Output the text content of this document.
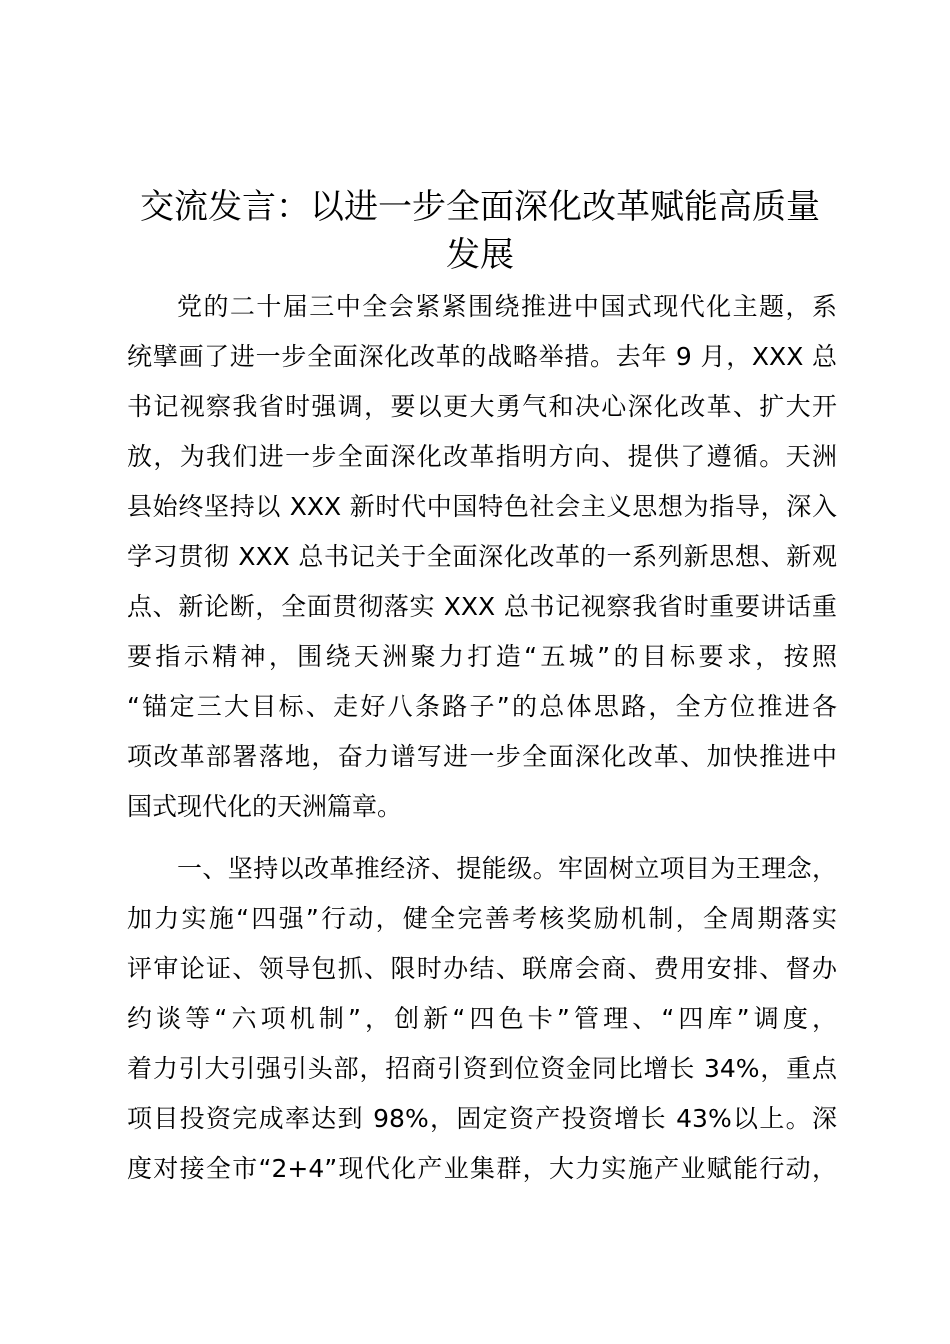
交流发言：以进一步全面深化改革赋能高质量
发展

党的二十届三中全会紧紧围绕推进中国式现代化主题，系
统擘画了进一步全面深化改革的战略举措。去年 9 月，XXX 总
书记视察我省时强调，要以更大勇气和决心深化改革、扩大开
放，为我们进一步全面深化改革指明方向、提供了遵循。天洲
县始终坚持以 XXX 新时代中国特色社会主义思想为指导，深入
学习贯彻 XXX 总书记关于全面深化改革的一系列新思想、新观
点、新论断，全面贯彻落实 XXX 总书记视察我省时重要讲话重
要指示精神，围绕天洲聚力打造“五城”的目标要求，按照
“锚定三大目标、走好八条路子”的总体思路，全方位推进各
项改革部署落地，奋力谱写进一步全面深化改革、加快推进中
国式现代化的天洲篇章。

一、坚持以改革推经济、提能级。牢固树立项目为王理念，
加力实施“四强”行动，健全完善考核奖励机制，全周期落实
评审论证、领导包抓、限时办结、联席会商、费用安排、督办
约谈等“六项机制”，创新“四色卡”管理、“四库”调度，
着力引大引强引头部，招商引资到位资金同比增长 34%，重点
项目投资完成率达到 98%，固定资产投资增长 43%以上。深
度对接全市“2+4”现代化产业集群，大力实施产业赋能行动，
